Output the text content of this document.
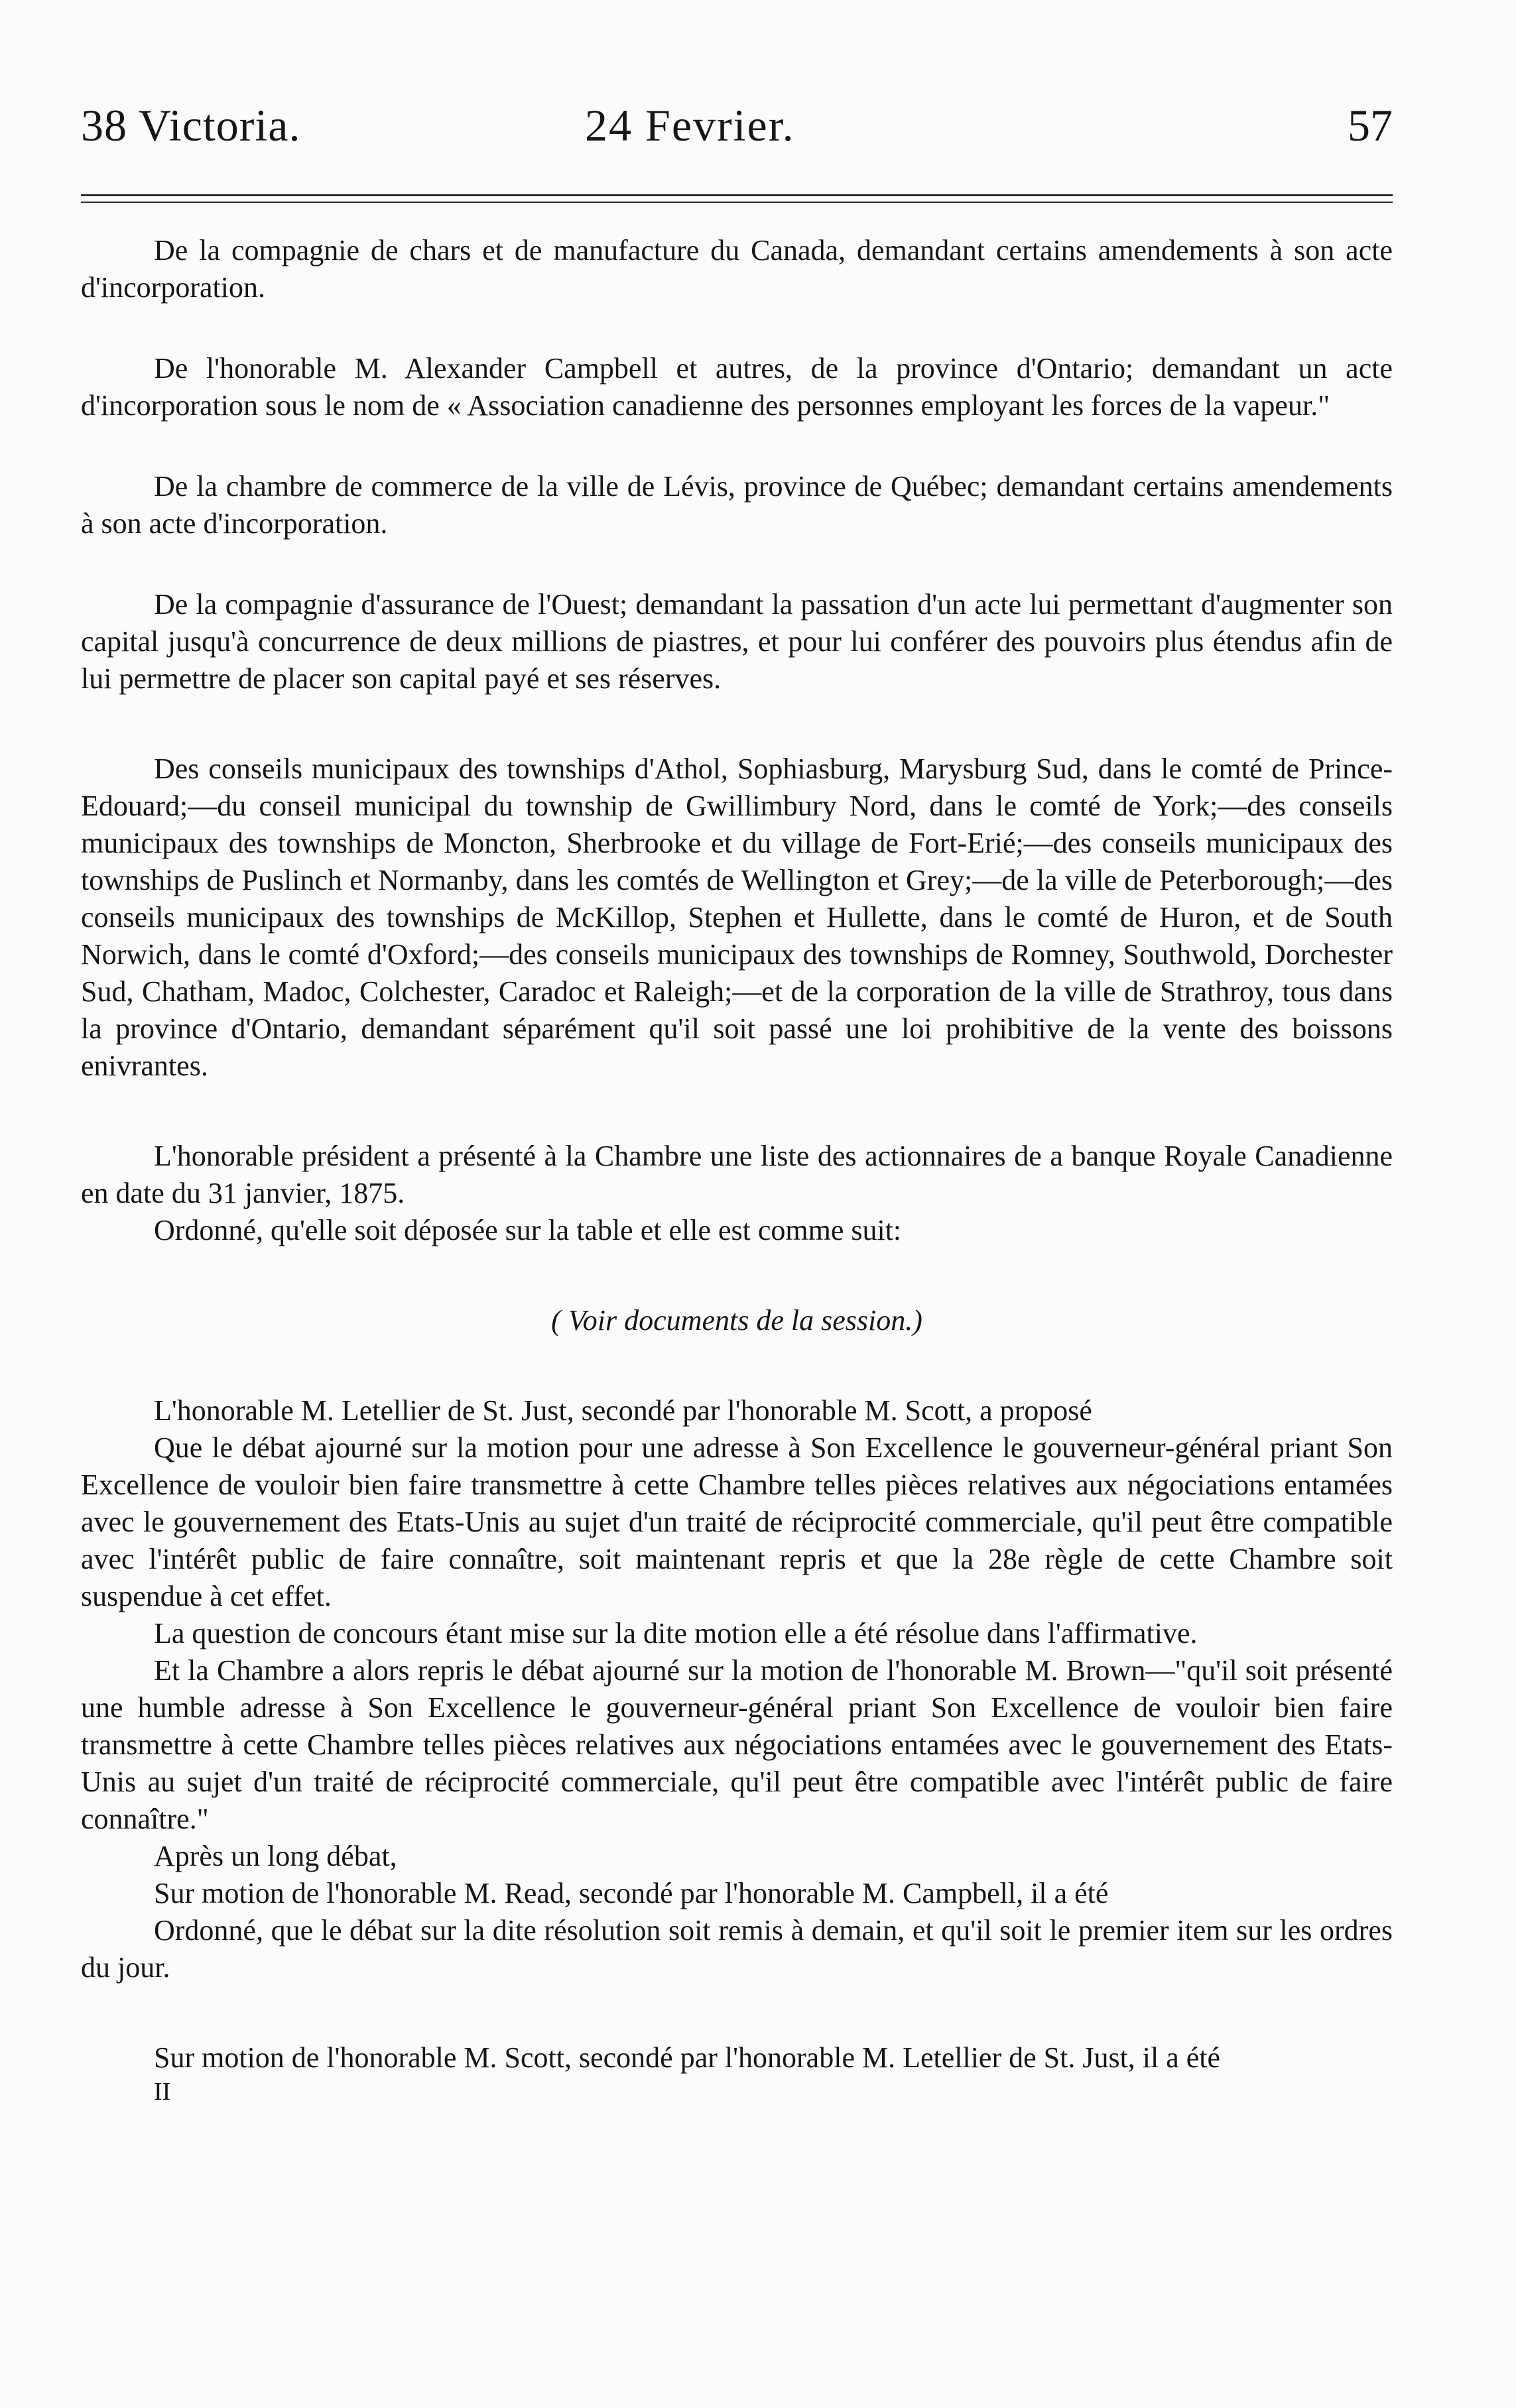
38 Victoria.	24 Fevrier.	57

De la compagnie de chars et de manufacture du Canada, demandant certains amendements à son acte d'incorporation.

De l'honorable M. Alexander Campbell et autres, de la province d'Ontario; demandant un acte d'incorporation sous le nom de « Association canadienne des personnes employant les forces de la vapeur."

De la chambre de commerce de la ville de Lévis, province de Québec; demandant certains amendements à son acte d'incorporation.

De la compagnie d'assurance de l'Ouest; demandant la passation d'un acte lui permettant d'augmenter son capital jusqu'à concurrence de deux millions de piastres, et pour lui conférer des pouvoirs plus étendus afin de lui permettre de placer son capital payé et ses réserves.

Des conseils municipaux des townships d'Athol, Sophiasburg, Marysburg Sud, dans le comté de Prince-Edouard;—du conseil municipal du township de Gwillimbury Nord, dans le comté de York;—des conseils municipaux des townships de Moncton, Sherbrooke et du village de Fort-Erié;—des conseils municipaux des townships de Puslinch et Normanby, dans les comtés de Wellington et Grey;—de la ville de Peterborough;—des conseils municipaux des townships de McKillop, Stephen et Hullette, dans le comté de Huron, et de South Norwich, dans le comté d'Oxford;—des conseils municipaux des townships de Romney, Southwold, Dorchester Sud, Chatham, Madoc, Colchester, Caradoc et Raleigh;—et de la corporation de la ville de Strathroy, tous dans la province d'Ontario, demandant séparément qu'il soit passé une loi prohibitive de la vente des boissons enivrantes.

L'honorable président a présenté à la Chambre une liste des actionnaires de a banque Royale Canadienne en date du 31 janvier, 1875.

Ordonné, qu'elle soit déposée sur la table et elle est comme suit:

( Voir documents de la session.)

L'honorable M. Letellier de St. Just, secondé par l'honorable M. Scott, a proposé

Que le débat ajourné sur la motion pour une adresse à Son Excellence le gouverneur-général priant Son Excellence de vouloir bien faire transmettre à cette Chambre telles pièces relatives aux négociations entamées avec le gouvernement des Etats-Unis au sujet d'un traité de réciprocité commerciale, qu'il peut être compatible avec l'intérêt public de faire connaître, soit maintenant repris et que la 28e règle de cette Chambre soit suspendue à cet effet.

La question de concours étant mise sur la dite motion elle a été résolue dans l'affirmative.

Et la Chambre a alors repris le débat ajourné sur la motion de l'honorable M. Brown—"qu'il soit présenté une humble adresse à Son Excellence le gouverneur-général priant Son Excellence de vouloir bien faire transmettre à cette Chambre telles pièces relatives aux négociations entamées avec le gouvernement des Etats-Unis au sujet d'un traité de réciprocité commerciale, qu'il peut être compatible avec l'intérêt public de faire connaître."

Après un long débat,

Sur motion de l'honorable M. Read, secondé par l'honorable M. Campbell, il a été

Ordonné, que le débat sur la dite résolution soit remis à demain, et qu'il soit le premier item sur les ordres du jour.

Sur motion de l'honorable M. Scott, secondé par l'honorable M. Letellier de St. Just, il a été

II
